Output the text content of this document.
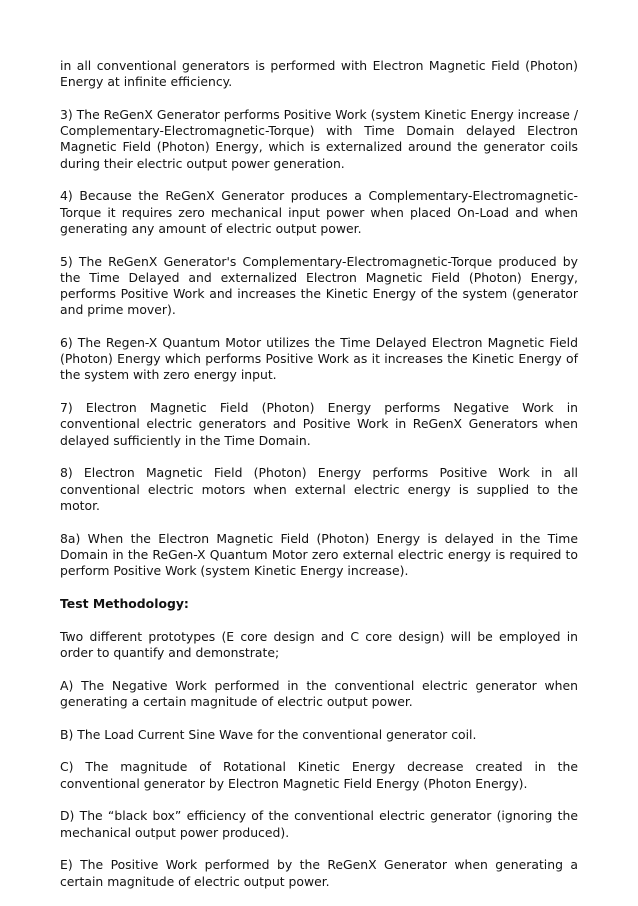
in all conventional generators is performed with Electron Magnetic Field (Photon) Energy at infinite efficiency.

3) The ReGenX Generator performs Positive Work (system Kinetic Energy increase / Complementary-Electromagnetic-Torque) with Time Domain delayed Electron Magnetic Field (Photon) Energy, which is externalized around the generator coils during their electric output power generation.

4) Because the ReGenX Generator produces a Complementary-Electromagnetic-Torque it requires zero mechanical input power when placed On-Load and when generating any amount of electric output power.

5) The ReGenX Generator's Complementary-Electromagnetic-Torque produced by the Time Delayed and externalized Electron Magnetic Field (Photon) Energy, performs Positive Work and increases the Kinetic Energy of the system (generator and prime mover).

6) The Regen-X Quantum Motor utilizes the Time Delayed Electron Magnetic Field (Photon) Energy which performs Positive Work as it increases the Kinetic Energy of the system with zero energy input.

7) Electron Magnetic Field (Photon) Energy performs Negative Work in conventional electric generators and Positive Work in ReGenX Generators when delayed sufficiently in the Time Domain.

8) Electron Magnetic Field (Photon) Energy performs Positive Work in all conventional electric motors when external electric energy is supplied to the motor.

8a) When the Electron Magnetic Field (Photon) Energy is delayed in the Time Domain in the ReGen-X Quantum Motor zero external electric energy is required to perform Positive Work (system Kinetic Energy increase).

Test Methodology:

Two different prototypes (E core design and C core design) will be employed in order to quantify and demonstrate;

A) The Negative Work performed in the conventional electric generator when generating a certain magnitude of electric output power.

B) The Load Current Sine Wave for the conventional generator coil.

C) The magnitude of Rotational Kinetic Energy decrease created in the conventional generator by Electron Magnetic Field Energy (Photon Energy).

D) The “black box” efficiency of the conventional electric generator (ignoring the mechanical output power produced).

E) The Positive Work performed by the ReGenX Generator when generating a certain magnitude of electric output power.
